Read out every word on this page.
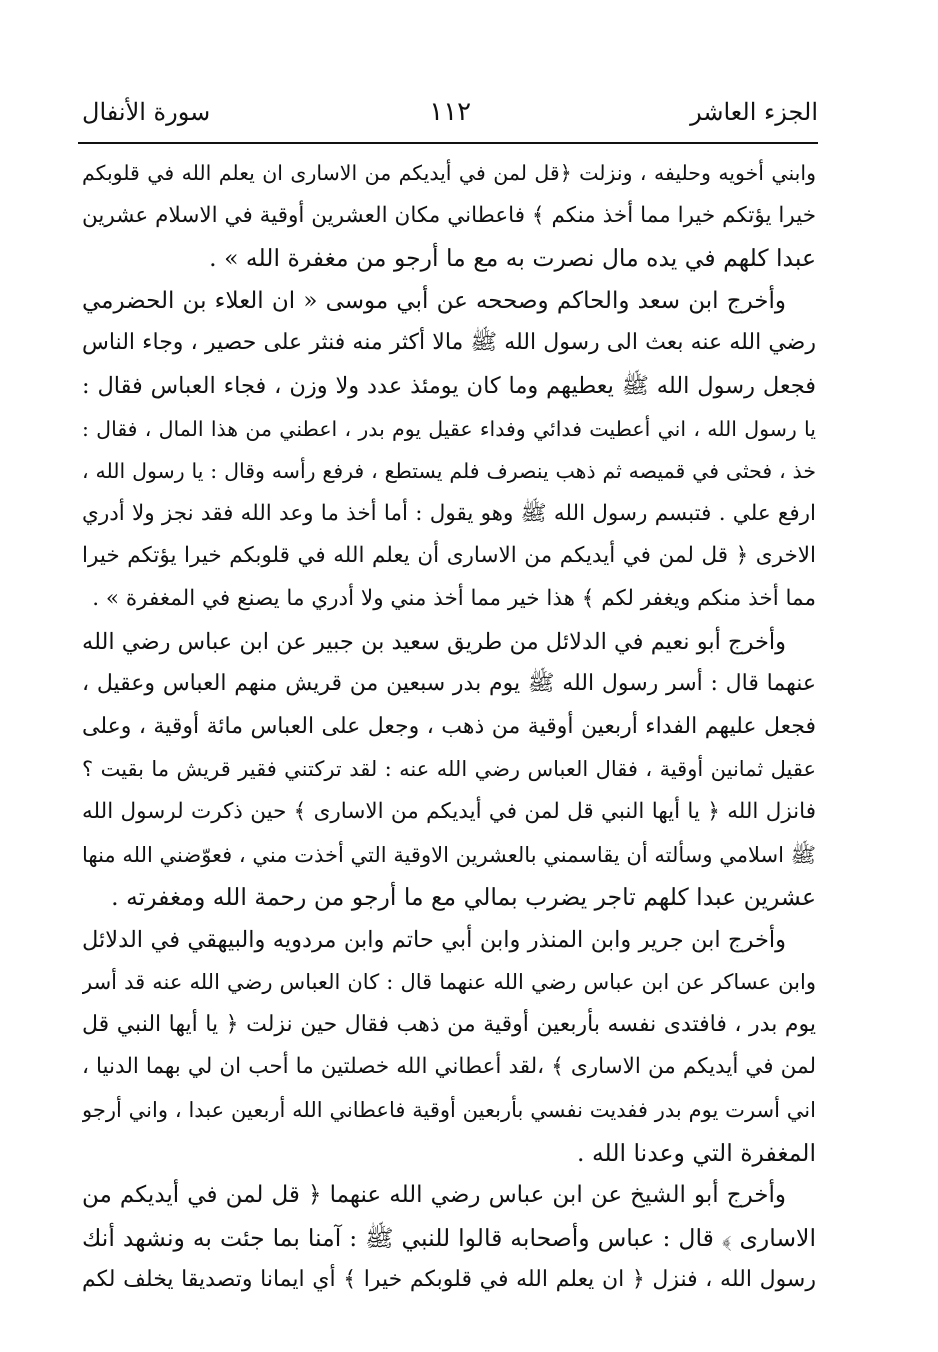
الجزء العاشر
١١٢
سورة الأنفال
وابني أخويه وحليفه ، ونزلت ﴿قل لمن في أيديكم من الاسارى ان يعلم الله في قلوبكم
خيرا يؤتكم خيرا مما أخذ منكم ﴾ فاعطاني مكان العشرين أوقية في الاسلام عشرين
عبدا كلهم في يده مال نصرت به مع ما أرجو من مغفرة الله » .
وأخرج ابن سعد والحاكم وصححه عن أبي موسى « ان العلاء بن الحضرمي
رضي الله عنه بعث الى رسول الله ﷺ مالا أكثر منه فنثر على حصير ، وجاء الناس
فجعل رسول الله ﷺ يعطيهم وما كان يومئذ عدد ولا وزن ، فجاء العباس فقال :
يا رسول الله ، اني أعطيت فدائي وفداء عقيل يوم بدر ، اعطني من هذا المال ، فقال :
خذ ، فحثى في قميصه ثم ذهب ينصرف فلم يستطع ، فرفع رأسه وقال : يا رسول الله ،
ارفع علي . فتبسم رسول الله ﷺ وهو يقول : أما أخذ ما وعد الله فقد نجز ولا أدري
الاخرى ﴿ قل لمن في أيديكم من الاسارى أن يعلم الله في قلوبكم خيرا يؤتكم خيرا
مما أخذ منكم ويغفر لكم ﴾ هذا خير مما أخذ مني ولا أدري ما يصنع في المغفرة » .
وأخرج أبو نعيم في الدلائل من طريق سعيد بن جبير عن ابن عباس رضي الله
عنهما قال : أسر رسول الله ﷺ يوم بدر سبعين من قريش منهم العباس وعقيل ،
فجعل عليهم الفداء أربعين أوقية من ذهب ، وجعل على العباس مائة أوقية ، وعلى
عقيل ثمانين أوقية ، فقال العباس رضي الله عنه : لقد تركتني فقير قريش ما بقيت ؟
فانزل الله ﴿ يا أيها النبي قل لمن في أيديكم من الاسارى ﴾ حين ذكرت لرسول الله
ﷺ اسلامي وسألته أن يقاسمني بالعشرين الاوقية التي أخذت مني ، فعوّضني الله منها
عشرين عبدا كلهم تاجر يضرب بمالي مع ما أرجو من رحمة الله ومغفرته .
وأخرج ابن جرير وابن المنذر وابن أبي حاتم وابن مردويه والبيهقي في الدلائل
وابن عساكر عن ابن عباس رضي الله عنهما قال : كان العباس رضي الله عنه قد أسر
يوم بدر ، فافتدى نفسه بأربعين أوقية من ذهب فقال حين نزلت ﴿ يا أيها النبي قل
لمن في أيديكم من الاسارى ﴾ ،لقد أعطاني الله خصلتين ما أحب ان لي بهما الدنيا ،
اني أسرت يوم بدر ففديت نفسي بأربعين أوقية فاعطاني الله أربعين عبدا ، واني أرجو
المغفرة التي وعدنا الله .
وأخرج أبو الشيخ عن ابن عباس رضي الله عنهما ﴿ قل لمن في أيديكم من
الاسارى ﴾ قال : عباس وأصحابه قالوا للنبي ﷺ : آمنا بما جئت به ونشهد أنك
رسول الله ، فنزل ﴿ ان يعلم الله في قلوبكم خيرا ﴾ أي ايمانا وتصديقا يخلف لكم
